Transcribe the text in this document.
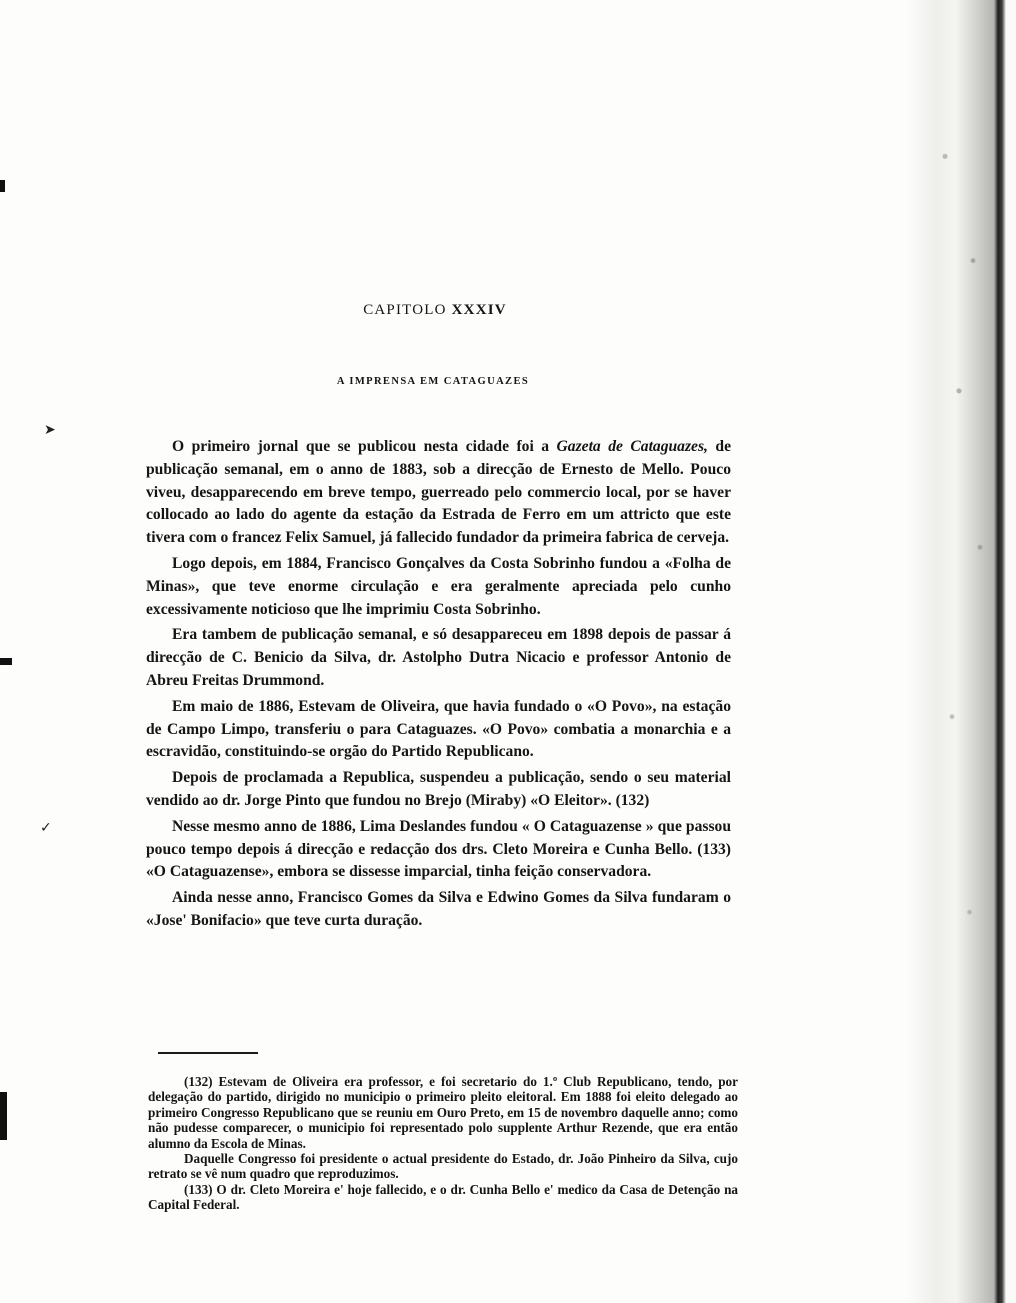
➤
✓
CAPITOLO XXXIV
A IMPRENSA EM CATAGUAZES

O primeiro jornal que se publicou nesta cidade foi a Gazeta de Cataguazes, de publicação semanal, em o anno de 1883, sob a direcção de Ernesto de Mello. Pouco viveu, desapparecendo em breve tempo, guerreado pelo commercio local, por se haver collocado ao lado do agente da estação da Estrada de Ferro em um attricto que este tivera com o francez Felix Samuel, já fallecido fundador da primeira fabrica de cerveja.

Logo depois, em 1884, Francisco Gonçalves da Costa Sobrinho fundou a «Folha de Minas», que teve enorme circulação e era geralmente apreciada pelo cunho excessivamente noticioso que lhe imprimiu Costa Sobrinho.

Era tambem de publicação semanal, e só desappareceu em 1898 depois de passar á direcção de C. Benicio da Silva, dr. Astolpho Dutra Nicacio e professor Antonio de Abreu Freitas Drummond.

Em maio de 1886, Estevam de Oliveira, que havia fundado o «O Povo», na estação de Campo Limpo, transferiu o para Cataguazes. «O Povo» combatia a monarchia e a escravidão, constituindo-se orgão do Partido Republicano.

Depois de proclamada a Republica, suspendeu a publicação, sendo o seu material vendido ao dr. Jorge Pinto que fundou no Brejo (Miraby) «O Eleitor». (132)

Nesse mesmo anno de 1886, Lima Deslandes fundou « O Cataguazense » que passou pouco tempo depois á direcção e redacção dos drs. Cleto Moreira e Cunha Bello. (133) «O Cataguazense», embora se dissesse imparcial, tinha feição conservadora.

Ainda nesse anno, Francisco Gomes da Silva e Edwino Gomes da Silva fundaram o «Jose' Bonifacio» que teve curta duração.

(132) Estevam de Oliveira era professor, e foi secretario do 1.º Club Republicano, tendo, por delegação do partido, dirigido no municipio o primeiro pleito eleitoral. Em 1888 foi eleito delegado ao primeiro Congresso Republicano que se reuniu em Ouro Preto, em 15 de novembro daquelle anno; como não pudesse comparecer, o municipio foi representado polo supplente Arthur Rezende, que era então alumno da Escola de Minas.

Daquelle Congresso foi presidente o actual presidente do Estado, dr. João Pinheiro da Silva, cujo retrato se vê num quadro que reproduzimos.

(133) O dr. Cleto Moreira e' hoje fallecido, e o dr. Cunha Bello e' medico da Casa de Detenção na Capital Federal.
